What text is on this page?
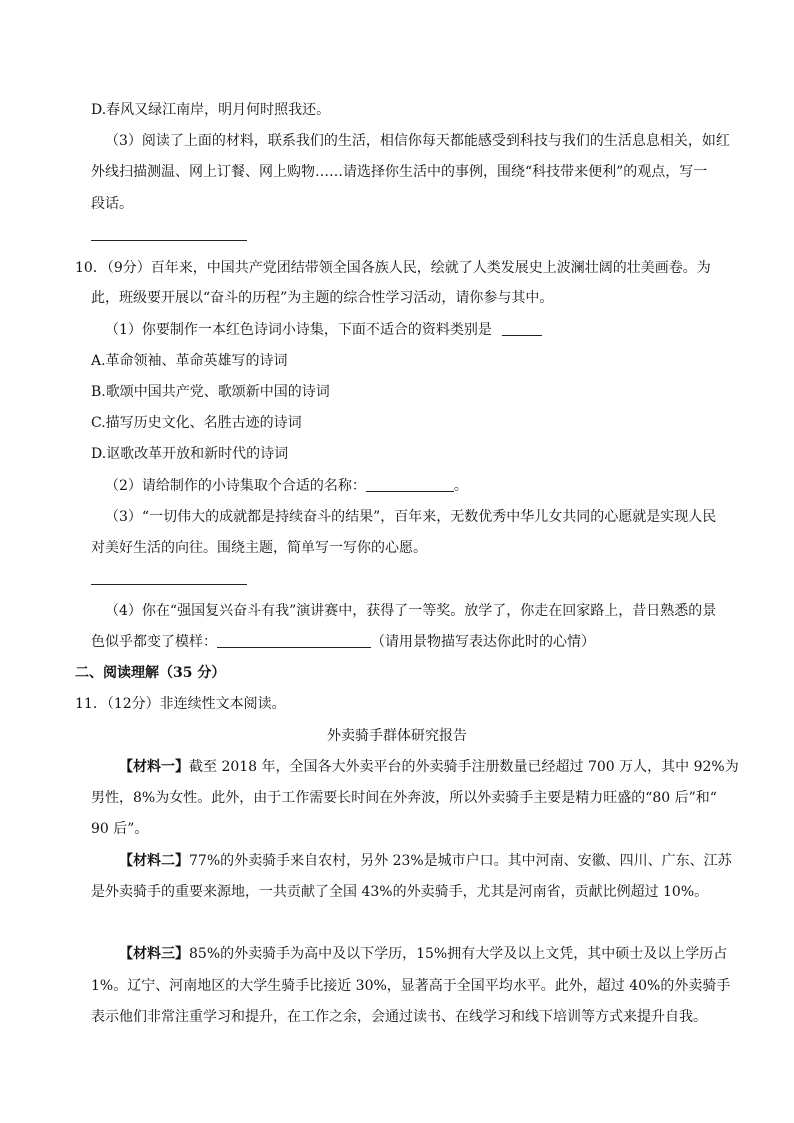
D.春风又绿江南岸，明月何时照我还。
（3）阅读了上面的材料，联系我们的生活，相信你每天都能感受到科技与我们的生活息息相关，如红
外线扫描测温、网上订餐、网上购物……请选择你生活中的事例，围绕“科技带来便利”的观点，写一
段话。
10．（9分）百年来，中国共产党团结带领全国各族人民，绘就了人类发展史上波澜壮阔的壮美画卷。为
此，班级要开展以“奋斗的历程”为主题的综合性学习活动，请你参与其中。
（1）你要制作一本红色诗词小诗集，下面不适合的资料类别是
A.革命领袖、革命英雄写的诗词
B.歌颂中国共产党、歌颂新中国的诗词
C.描写历史文化、名胜古迹的诗词
D.讴歌改革开放和新时代的诗词
（2）请给制作的小诗集取个合适的名称：	。
（3）“一切伟大的成就都是持续奋斗的结果”，百年来，无数优秀中华儿女共同的心愿就是实现人民
对美好生活的向往。围绕主题，简单写一写你的心愿。
（4）你在“强国复兴奋斗有我”演讲赛中，获得了一等奖。放学了，你走在回家路上，昔日熟悉的景
色似乎都变了模样：	（请用景物描写表达你此时的心情）
二、阅读理解（35 分）
11．（12分）非连续性文本阅读。
外卖骑手群体研究报告
【材料一】截至 2018 年，全国各大外卖平台的外卖骑手注册数量已经超过 700 万人，其中 92%为
男性，8%为女性。此外，由于工作需要长时间在外奔波，所以外卖骑手主要是精力旺盛的“80 后”和“
90 后”。
【材料二】77%的外卖骑手来自农村，另外 23%是城市户口。其中河南、安徽、四川、广东、江苏
是外卖骑手的重要来源地，一共贡献了全国 43%的外卖骑手，尤其是河南省，贡献比例超过 10%。
【材料三】85%的外卖骑手为高中及以下学历，15%拥有大学及以上文凭，其中硕士及以上学历占
1%。辽宁、河南地区的大学生骑手比接近 30%，显著高于全国平均水平。此外，超过 40%的外卖骑手
表示他们非常注重学习和提升，在工作之余，会通过读书、在线学习和线下培训等方式来提升自我。
